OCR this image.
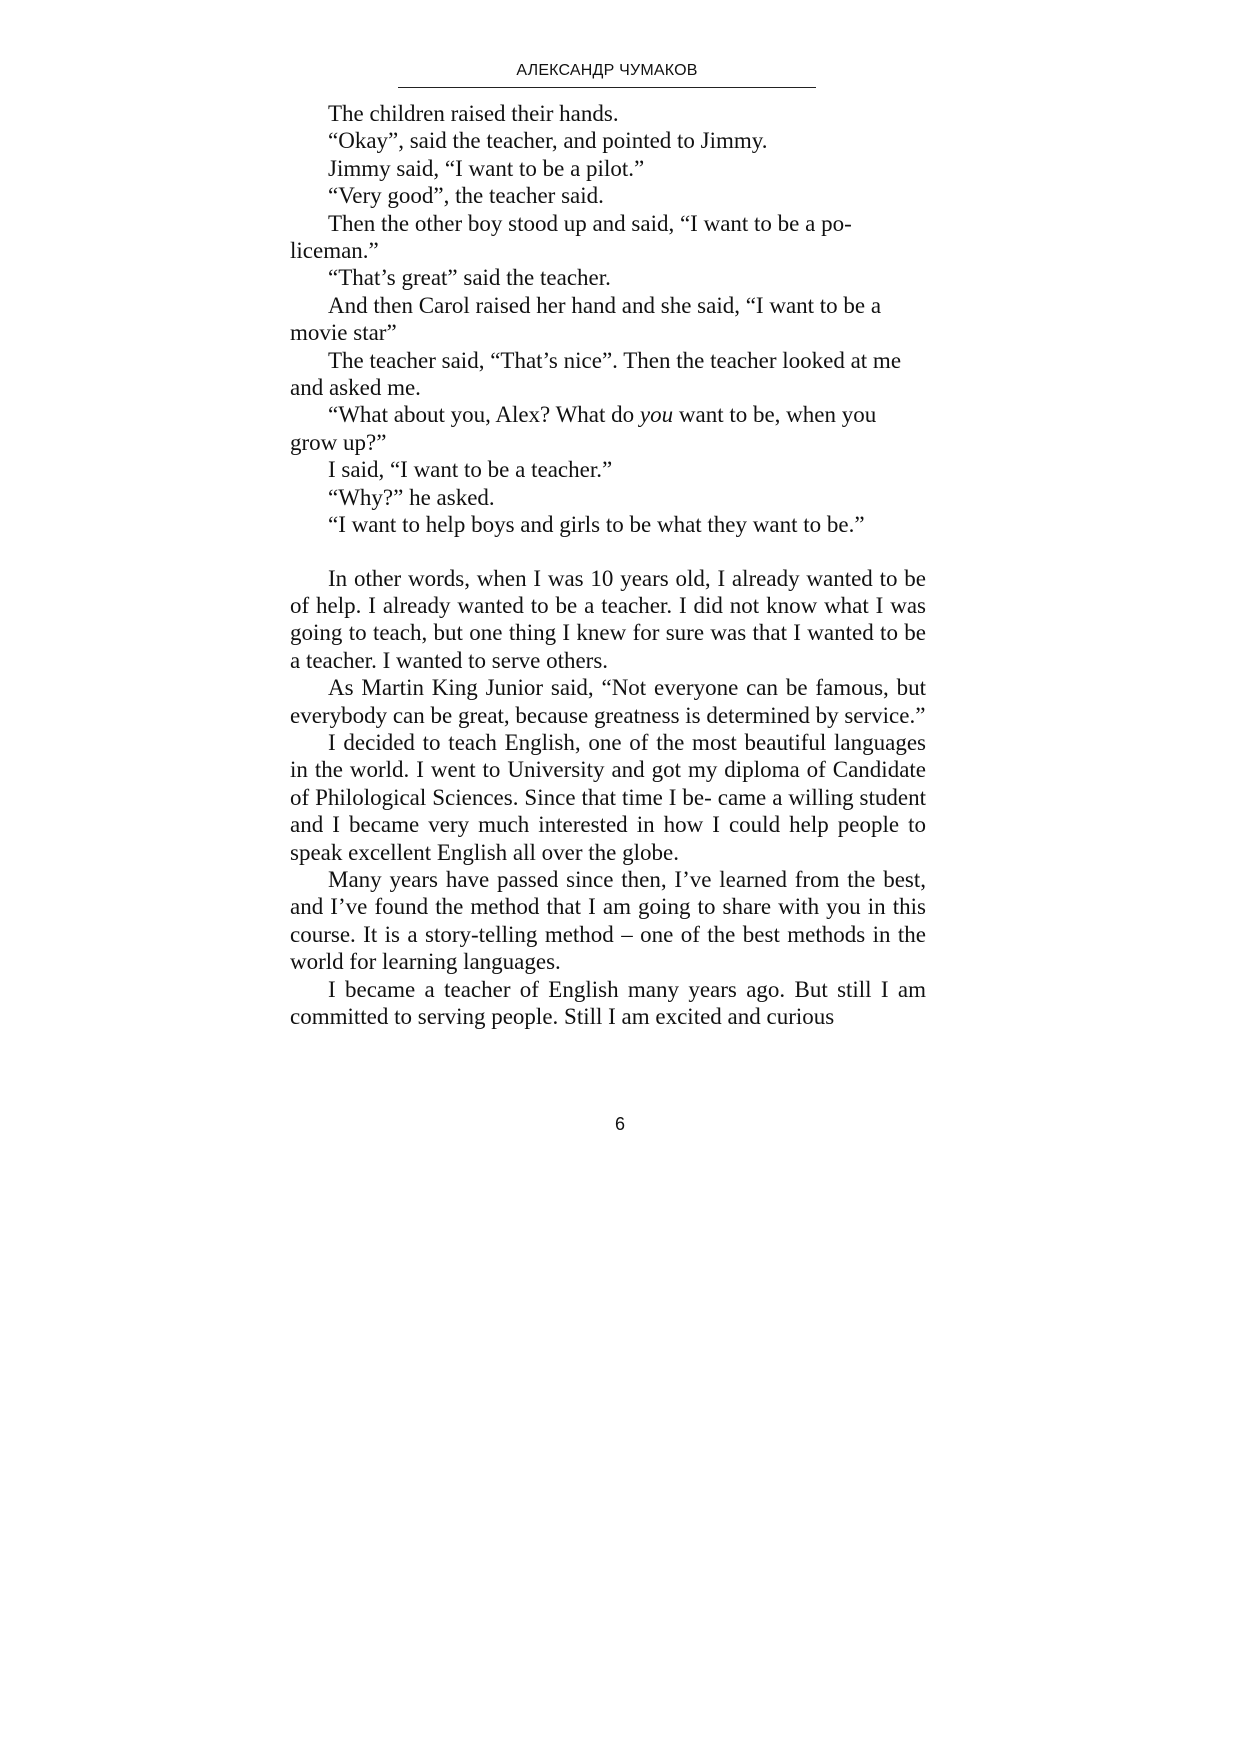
АЛЕКСАНДР ЧУМАКОВ

The children raised their hands.

“Okay”, said the teacher, and pointed to Jimmy.

Jimmy said, “I want to be a pilot.”

“Very good”, the teacher said.

Then the other boy stood up and said, “I want to be a policeman.”

“That’s great” said the teacher.

And then Carol raised her hand and she said, “I want to be a movie star”

The teacher said, “That’s nice”. Then the teacher looked at me and asked me.

“What about you, Alex? What do you want to be, when you grow up?”

I said, “I want to be a teacher.”

“Why?” he asked.

“I want to help boys and girls to be what they want to be.”

In other words, when I was 10 years old, I already wanted to be of help. I already wanted to be a teacher. I did not know what I was going to teach, but one thing I knew for sure was that I wanted to be a teacher. I wanted to serve others.

As Martin King Junior said, “Not everyone can be famous, but everybody can be great, because greatness is determined by service.”

I decided to teach English, one of the most beautiful languages in the world. I went to University and got my diploma of Candidate of Philological Sciences. Since that time I be- came a willing student and I became very much interested in how I could help people to speak excellent English all over the globe.

Many years have passed since then, I’ve learned from the best, and I’ve found the method that I am going to share with you in this course. It is a story-telling method – one of the best methods in the world for learning languages.

I became a teacher of English many years ago. But still I am committed to serving people. Still I am excited and curious

6
